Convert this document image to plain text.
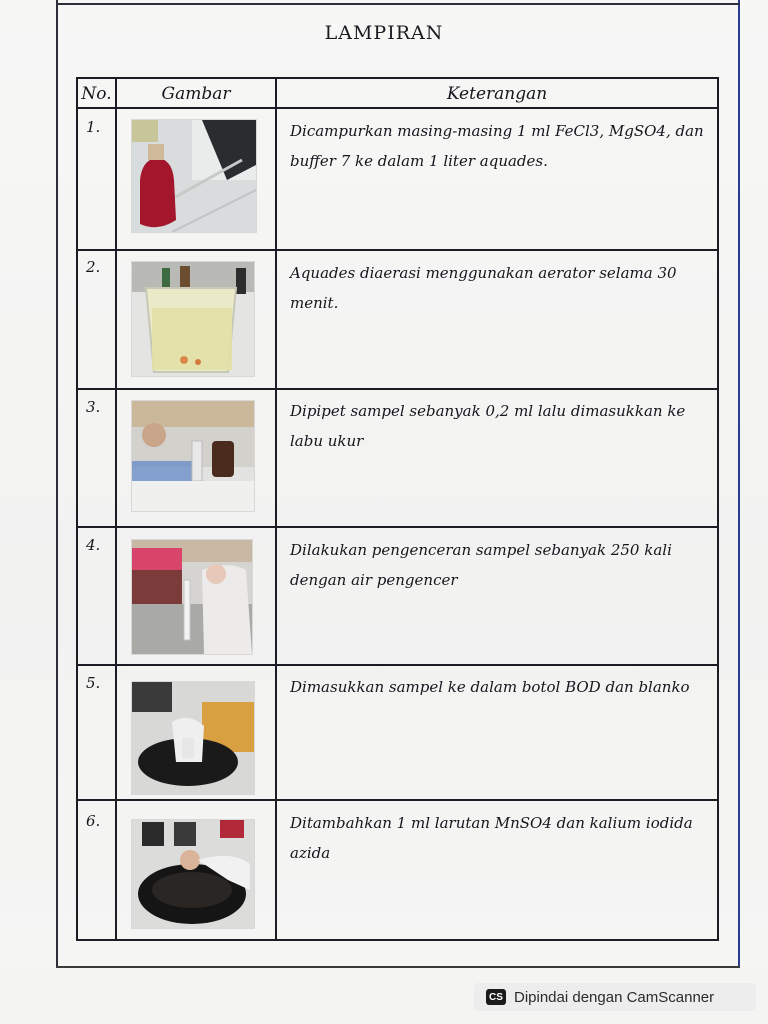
LAMPIRAN
No.	Gambar	Keterangan
1.	Dicampurkan masing-masing 1 ml FeCl3, MgSO4, dan buffer 7 ke dalam 1 liter aquades.
2.	Aquades diaerasi menggunakan aerator selama 30 menit.
3.	Dipipet sampel sebanyak 0,2 ml lalu dimasukkan ke labu ukur
4.	Dilakukan pengenceran sampel sebanyak 250 kali dengan air pengencer
5.	Dimasukkan sampel ke dalam botol BOD dan blanko
6.	Ditambahkan 1 ml larutan MnSO4 dan kalium iodida azida
CS Dipindai dengan CamScanner
